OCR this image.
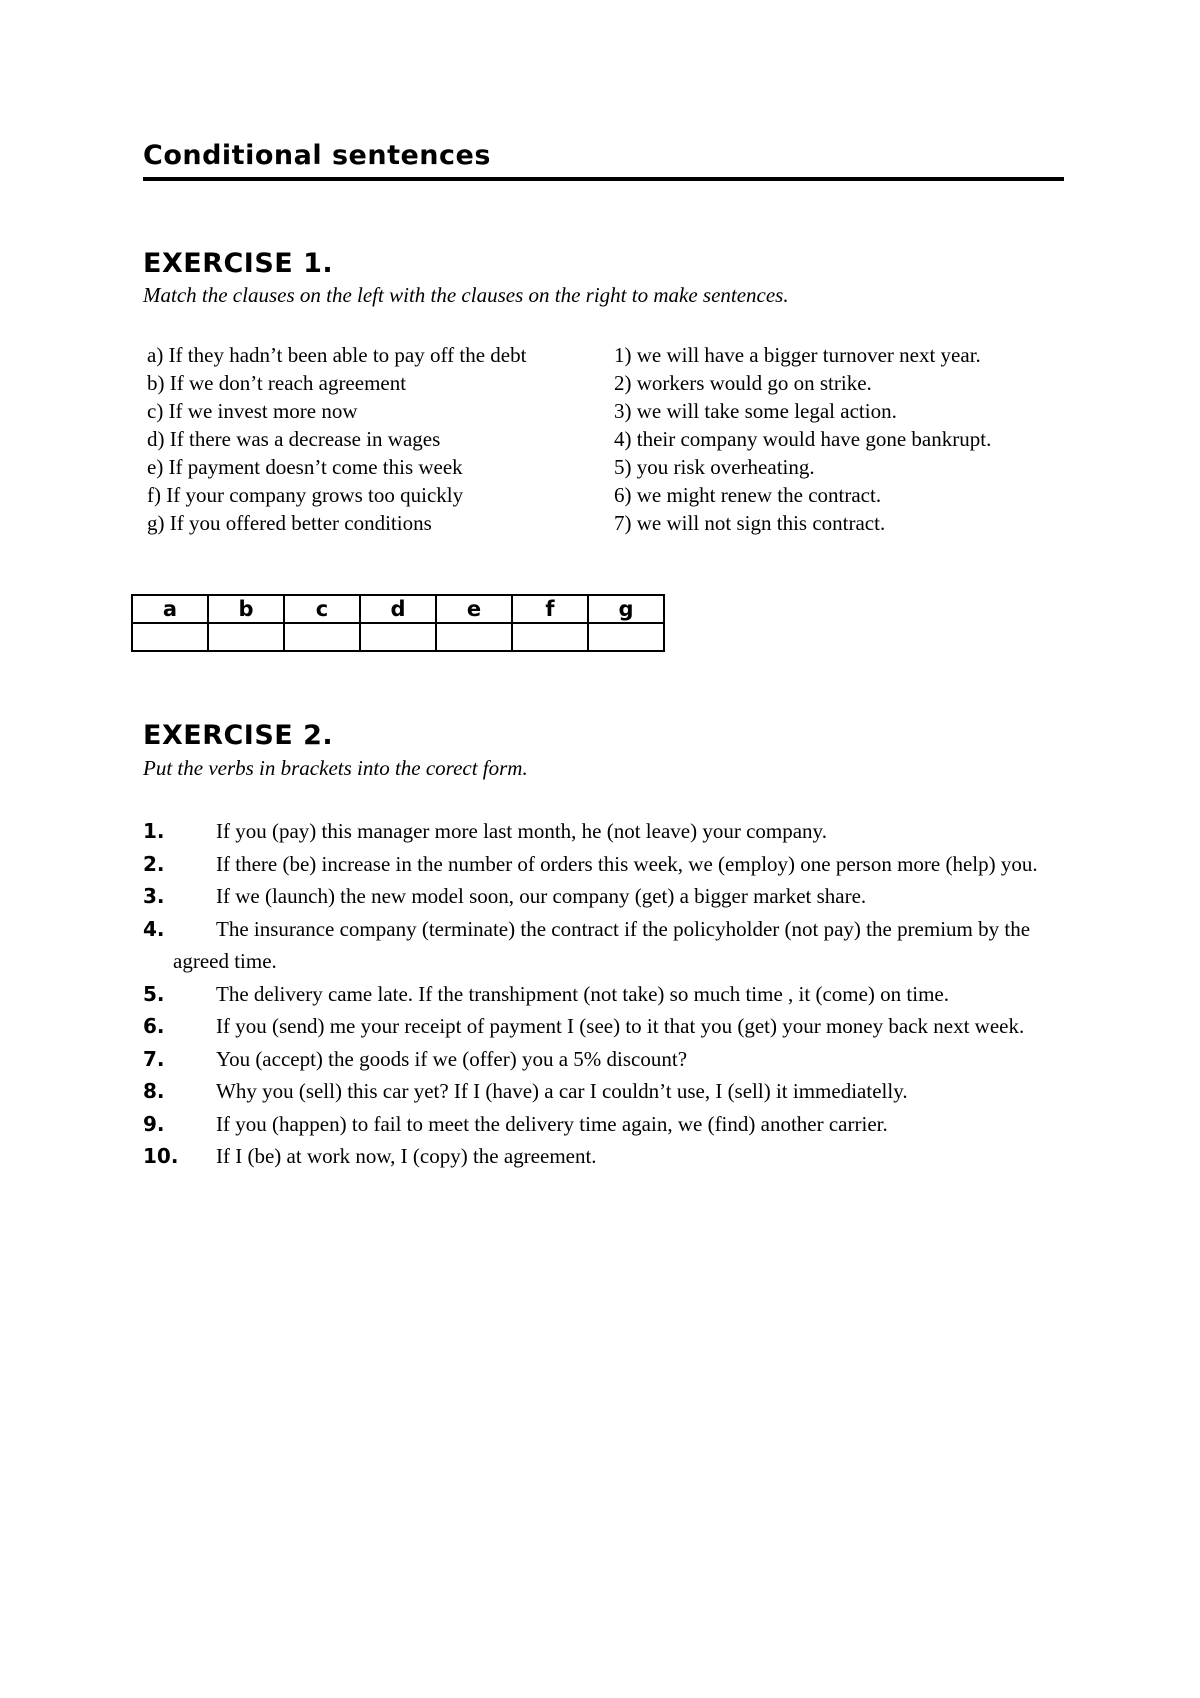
Conditional sentences
EXERCISE 1.
Match the clauses on the left with the clauses on the right to make sentences.
a) If they hadn’t been able to pay off the debt	1) we will have a bigger turnover next year.
b) If we don’t reach agreement	2) workers would go on strike.
c) If we invest more now	3) we will take some legal action.
d) If there was a decrease in wages	4) their company would have gone bankrupt.
e) If payment doesn’t come this week	5) you risk overheating.
f) If your company grows too quickly	6) we might renew the contract.
g) If you offered better conditions	7) we will not sign this contract.
a	b	c	d	e	f	g

EXERCISE 2.
Put the verbs in brackets into the corect form.
1. If you (pay) this manager more last month, he (not leave) your company.
2.	If there (be) increase in the number of orders this week, we (employ) one person more (help) you.
3. If we (launch) the new model soon, our company (get) a bigger market share.
4.	The insurance company (terminate) the contract if the policyholder (not pay) the premium by the agreed time.
5.	The delivery came late. If the transhipment (not take) so much time , it (come) on time.
6.	If you (send) me your receipt of payment I (see) to it that you (get) your money back next week.
7. You (accept) the goods if we (offer) you a 5% discount?
8. Why you (sell) this car yet? If I (have) a car I couldn’t use, I (sell) it immediatelly.
9. If you (happen) to fail to meet the delivery time again, we (find) another carrier.
10. If I (be) at work now, I (copy) the agreement.
